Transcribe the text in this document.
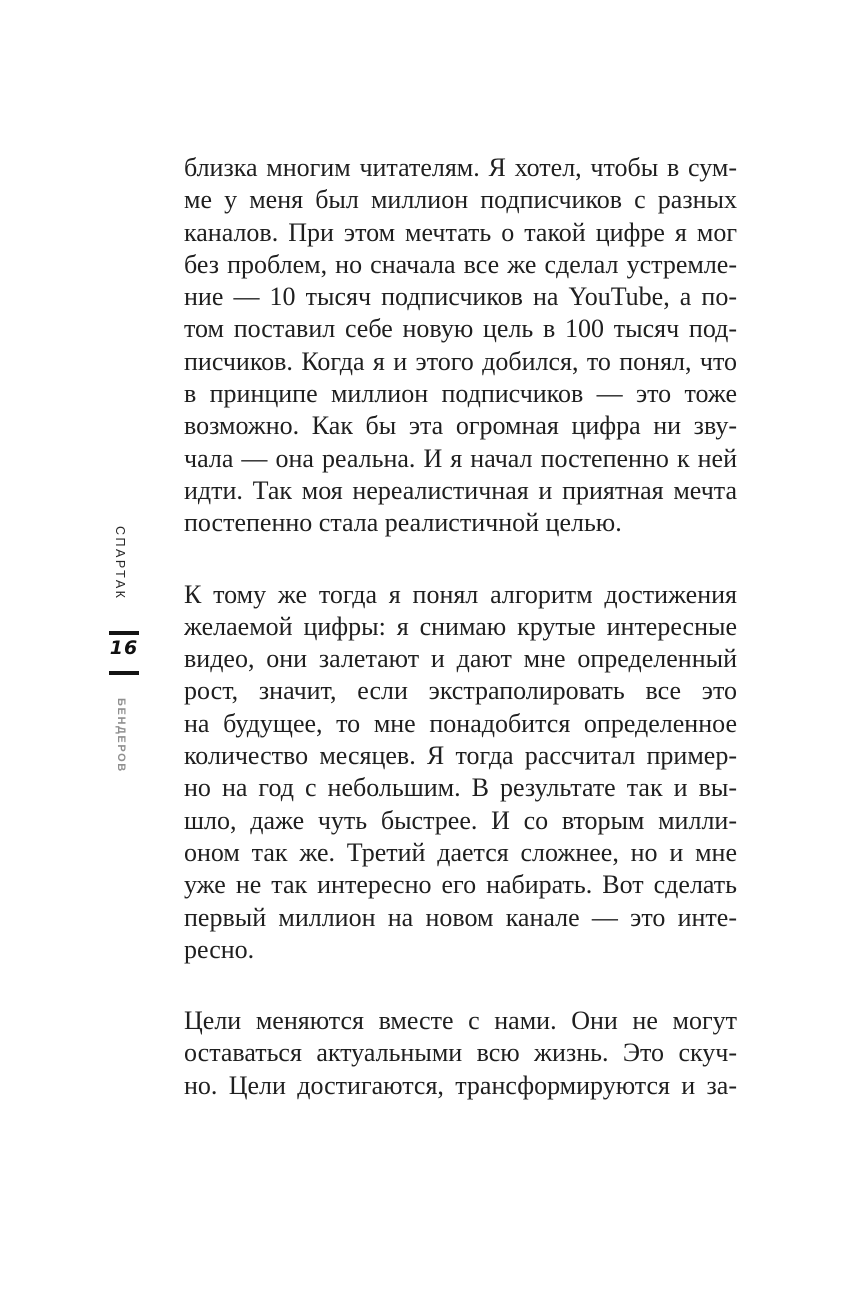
СПАРТАК
16
БЕНДЕРОВ
близка многим читателям. Я хотел, чтобы в сум-
ме у меня был миллион подписчиков с разных
каналов. При этом мечтать о такой цифре я мог
без проблем, но сначала все же сделал устремле-
ние — 10 тысяч подписчиков на YouTube, а по-
том поставил себе новую цель в 100 тысяч под-
писчиков. Когда я и этого добился, то понял, что
в принципе миллион подписчиков — это тоже
возможно. Как бы эта огромная цифра ни зву-
чала — она реальна. И я начал постепенно к ней
идти. Так моя нереалистичная и приятная мечта
постепенно стала реалистичной целью.
К тому же тогда я понял алгоритм достижения
желаемой цифры: я снимаю крутые интересные
видео, они залетают и дают мне определенный
рост, значит, если экстраполировать все это
на будущее, то мне понадобится определенное
количество месяцев. Я тогда рассчитал пример-
но на год с небольшим. В результате так и вы-
шло, даже чуть быстрее. И со вторым милли-
оном так же. Третий дается сложнее, но и мне
уже не так интересно его набирать. Вот сделать
первый миллион на новом канале — это инте-
ресно.
Цели меняются вместе с нами. Они не могут
оставаться актуальными всю жизнь. Это скуч-
но. Цели достигаются, трансформируются и за-
